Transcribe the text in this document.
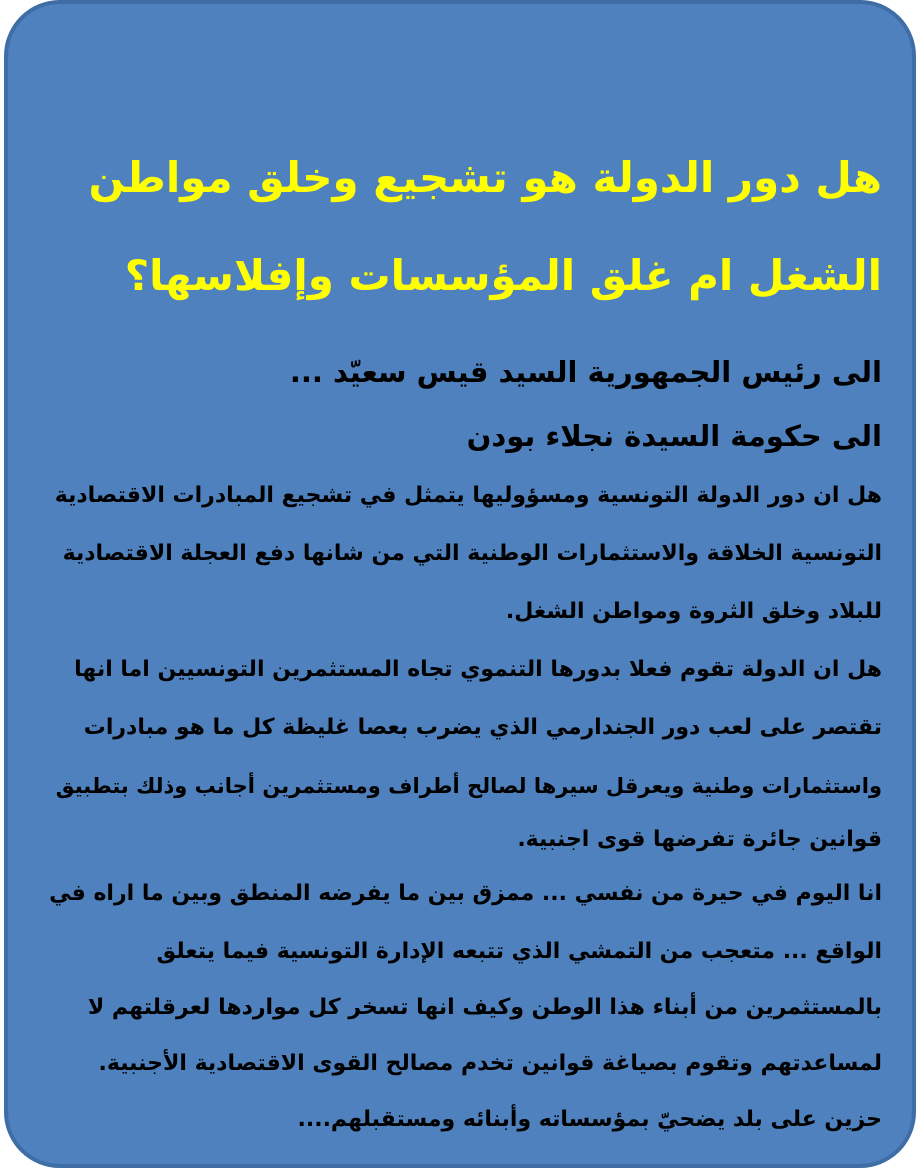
هل دور الدولة هو تشجيع وخلق مواطن
الشغل ام غلق المؤسسات وإفلاسها؟
الى رئيس الجمهورية السيد قيس سعيّد ...
الى حكومة السيدة نجلاء بودن
هل ان دور الدولة التونسية ومسؤوليها يتمثل في تشجيع المبادرات الاقتصادية
التونسية الخلاقة والاستثمارات الوطنية التي من شانها دفع العجلة الاقتصادية
للبلاد وخلق الثروة ومواطن الشغل.
هل ان الدولة تقوم فعلا بدورها التنموي تجاه المستثمرين التونسيين اما انها
تقتصر على لعب دور الجندارمي الذي يضرب بعصا غليظة كل ما هو مبادرات
واستثمارات وطنية ويعرقل سيرها لصالح أطراف ومستثمرين أجانب وذلك بتطبيق
قوانين جائرة تفرضها قوى اجنبية.
انا اليوم في حيرة من نفسي ... ممزق بين ما يفرضه المنطق وبين ما اراه في
الواقع ... متعجب من التمشي الذي تتبعه الإدارة التونسية فيما يتعلق
بالمستثمرين من أبناء هذا الوطن وكيف انها تسخر كل مواردها لعرقلتهم لا
لمساعدتهم وتقوم بصياغة قوانين تخدم مصالح القوى الاقتصادية الأجنبية.
حزين على بلد يضحيّ بمؤسساته وأبنائه ومستقبلهم....
